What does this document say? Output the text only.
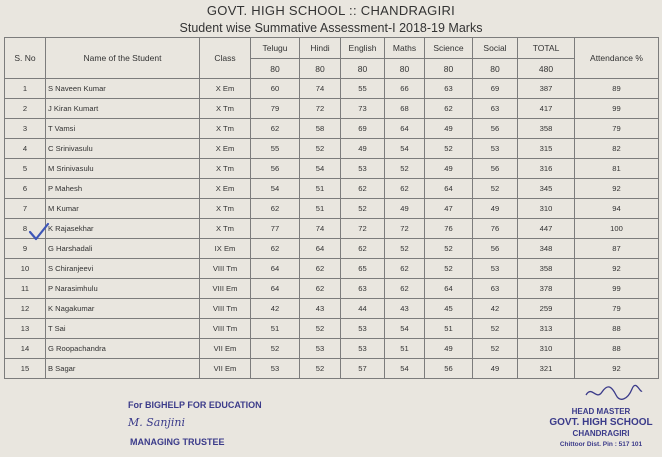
GOVT. HIGH SCHOOL :: CHANDRAGIRI
Student wise Summative Assessment-I 2018-19 Marks
S. No	Name of the Student	Class	Telugu	Hindi	English	Maths	Science	Social	TOTAL	Attendance %
			80	80	80	80	80	80	480	
1	S Naveen Kumar	X Em	60	74	55	66	63	69	387	89
2	J Kiran Kumart	X Tm	79	72	73	68	62	63	417	99
3	T Vamsi	X Tm	62	58	69	64	49	56	358	79
4	C Srinivasulu	X Em	55	52	49	54	52	53	315	82
5	M Srinivasulu	X Tm	56	54	53	52	49	56	316	81
6	P Mahesh	X Em	54	51	62	62	64	52	345	92
7	M Kumar	X Tm	62	51	52	49	47	49	310	94
8	K Rajasekhar	X Tm	77	74	72	72	76	76	447	100
9	G Harshadali	IX Em	62	64	62	52	52	56	348	87
10	S Chiranjeevi	VIII Tm	64	62	65	62	52	53	358	92
11	P Narasimhulu	VIII Em	64	62	63	62	64	63	378	99
12	K Nagakumar	VIII Tm	42	43	44	43	45	42	259	79
13	T Sai	VIII Tm	51	52	53	54	51	52	313	88
14	G Roopachandra	VII Em	52	53	53	51	49	52	310	88
15	B Sagar	VII Em	53	52	57	54	56	49	321	92
For BIGHELP FOR EDUCATION
M. Sanjini
MANAGING TRUSTEE
HEAD MASTER
GOVT. HIGH SCHOOL
CHANDRAGIRI
Chittoor Dist. Pin : 517 101
